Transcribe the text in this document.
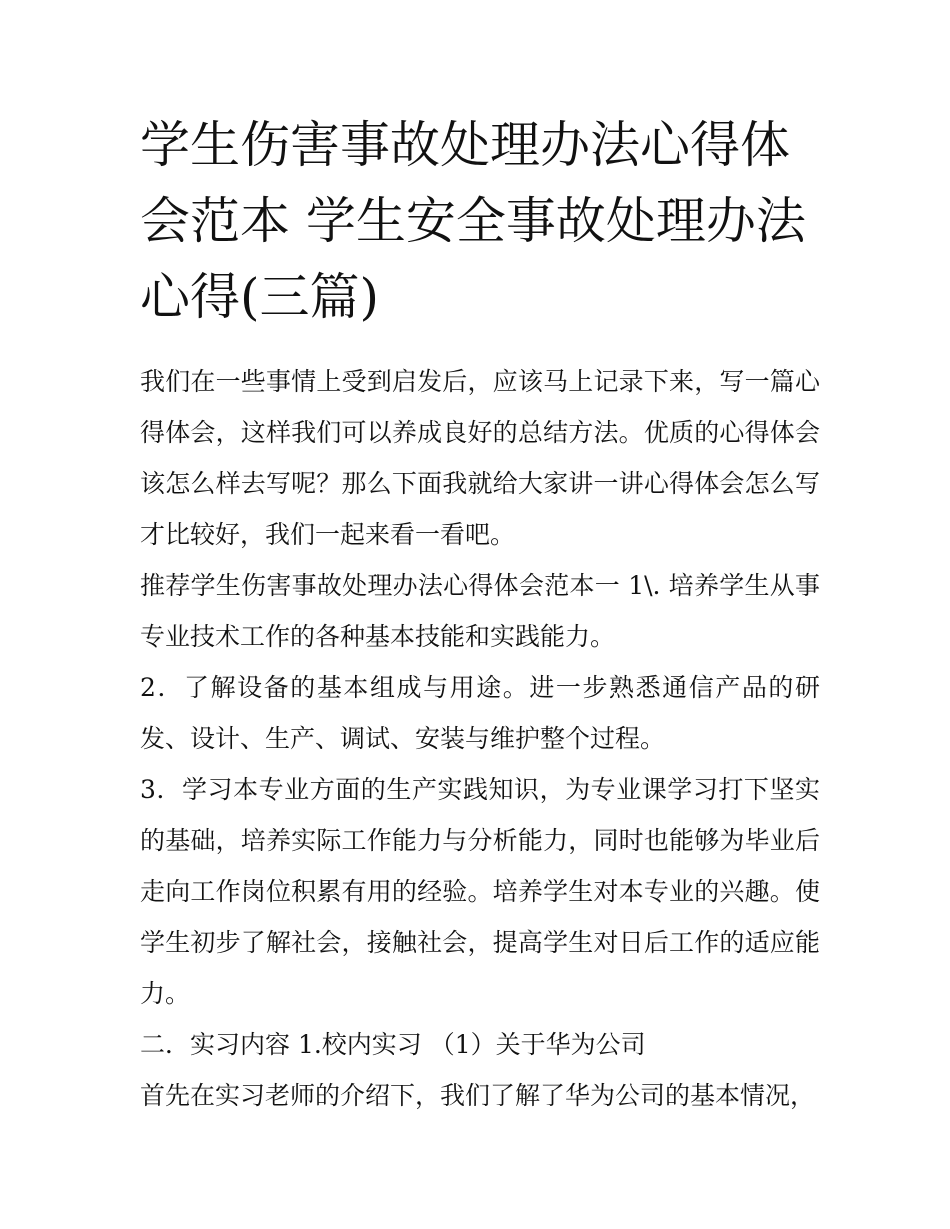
学生伤害事故处理办法心得体会范本 学生安全事故处理办法心得(三篇)

我们在一些事情上受到启发后，应该马上记录下来，写一篇心得体会，这样我们可以养成良好的总结方法。优质的心得体会该怎么样去写呢？那么下面我就给大家讲一讲心得体会怎么写才比较好，我们一起来看一看吧。

推荐学生伤害事故处理办法心得体会范本一 1\. 培养学生从事专业技术工作的各种基本技能和实践能力。

2．了解设备的基本组成与用途。进一步熟悉通信产品的研发、设计、生产、调试、安装与维护整个过程。

3．学习本专业方面的生产实践知识，为专业课学习打下坚实的基础，培养实际工作能力与分析能力，同时也能够为毕业后走向工作岗位积累有用的经验。培养学生对本专业的兴趣。使学生初步了解社会，接触社会，提高学生对日后工作的适应能力。

二．实习内容 1.校内实习 （1）关于华为公司

首先在实习老师的介绍下，我们了解了华为公司的基本情况，
